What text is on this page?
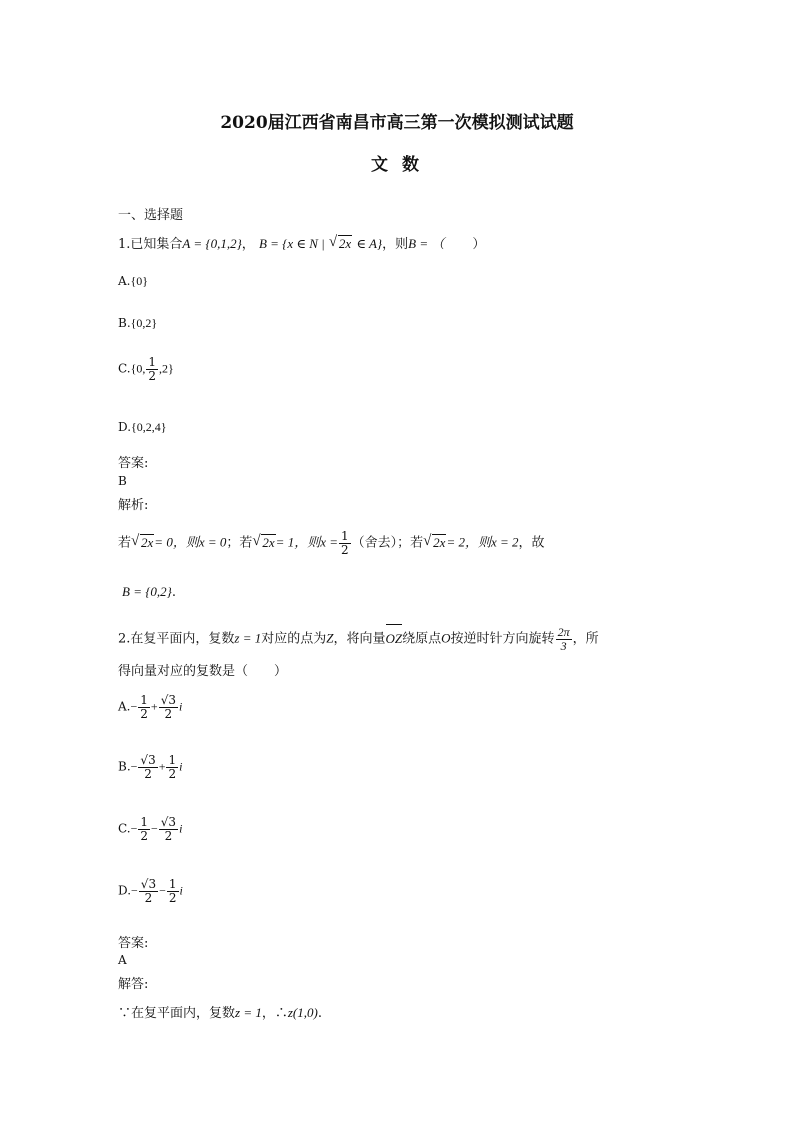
2020届江西省南昌市高三第一次模拟测试试题
文 数
一、选择题
1.已知集合A = {0,1,2}， B = {x ∈ N | √ 2x ∈ A}，则B = （ ）
A.{0}
B.{0,2}
C.{0, $\frac{1}{2} ,2$}
D.{0,2,4}
答案:
B
解析:
若 √ 2x= 0，则x = 0；若 √ 2x= 1，则$x = \frac{1}{2}$ （舍去）；若 √ 2x= 2，则x = 2，故
B = {0,2}.
2.在复平面内，复数z = 1对应的点为Z，将向量
OZ绕原点O按逆时针方向旋转 $\frac{2\pi}{3}$ ，所
得向量对应的复数是（　　）
$A.- \frac{1}{2} + \frac{√3}{2}$ i
$B.- \frac{√3}{2} + \frac{1}{2}$ i
$C.- \frac{1}{2} - \frac{√3}{2}$ i
$D.- \frac{√3}{2} - \frac{1}{2}$ i
答案:
A
解答:
∵在复平面内，复数z = 1，∴z(1,0).
